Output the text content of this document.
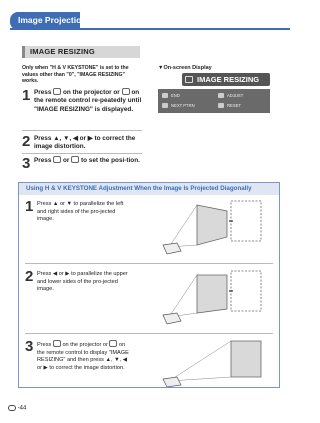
Image Projection
IMAGE RESIZING

Only when "H & V KEYSTONE" is set to the values other than "0", "IMAGE RESIZING" works.

1 Press on the projector or on the remote control re-peatedly until "IMAGE RESIZING" is displayed.

2 Press ▲, ▼, ◀ or ▶ to correct the image distortion.

3 Press or to set the posi-tion.

▼On-screen Display
IMAGE RESIZING
END	ADJUST
NEXT PTRN	RESET
Using H & V KEYSTONE Adjustment When the Image Is Projected Diagonally
1 Press ▲ or ▼ to parallelize the left and right sides of the pro-jected image.

2 Press ◀ or ▶ to parallelize the upper and lower sides of the pro-jected image.

3 Press on the projector or on the remote control to display "IMAGE RESIZING" and then press ▲, ▼, ◀ or ▶ to correct the image distortion.

-44
